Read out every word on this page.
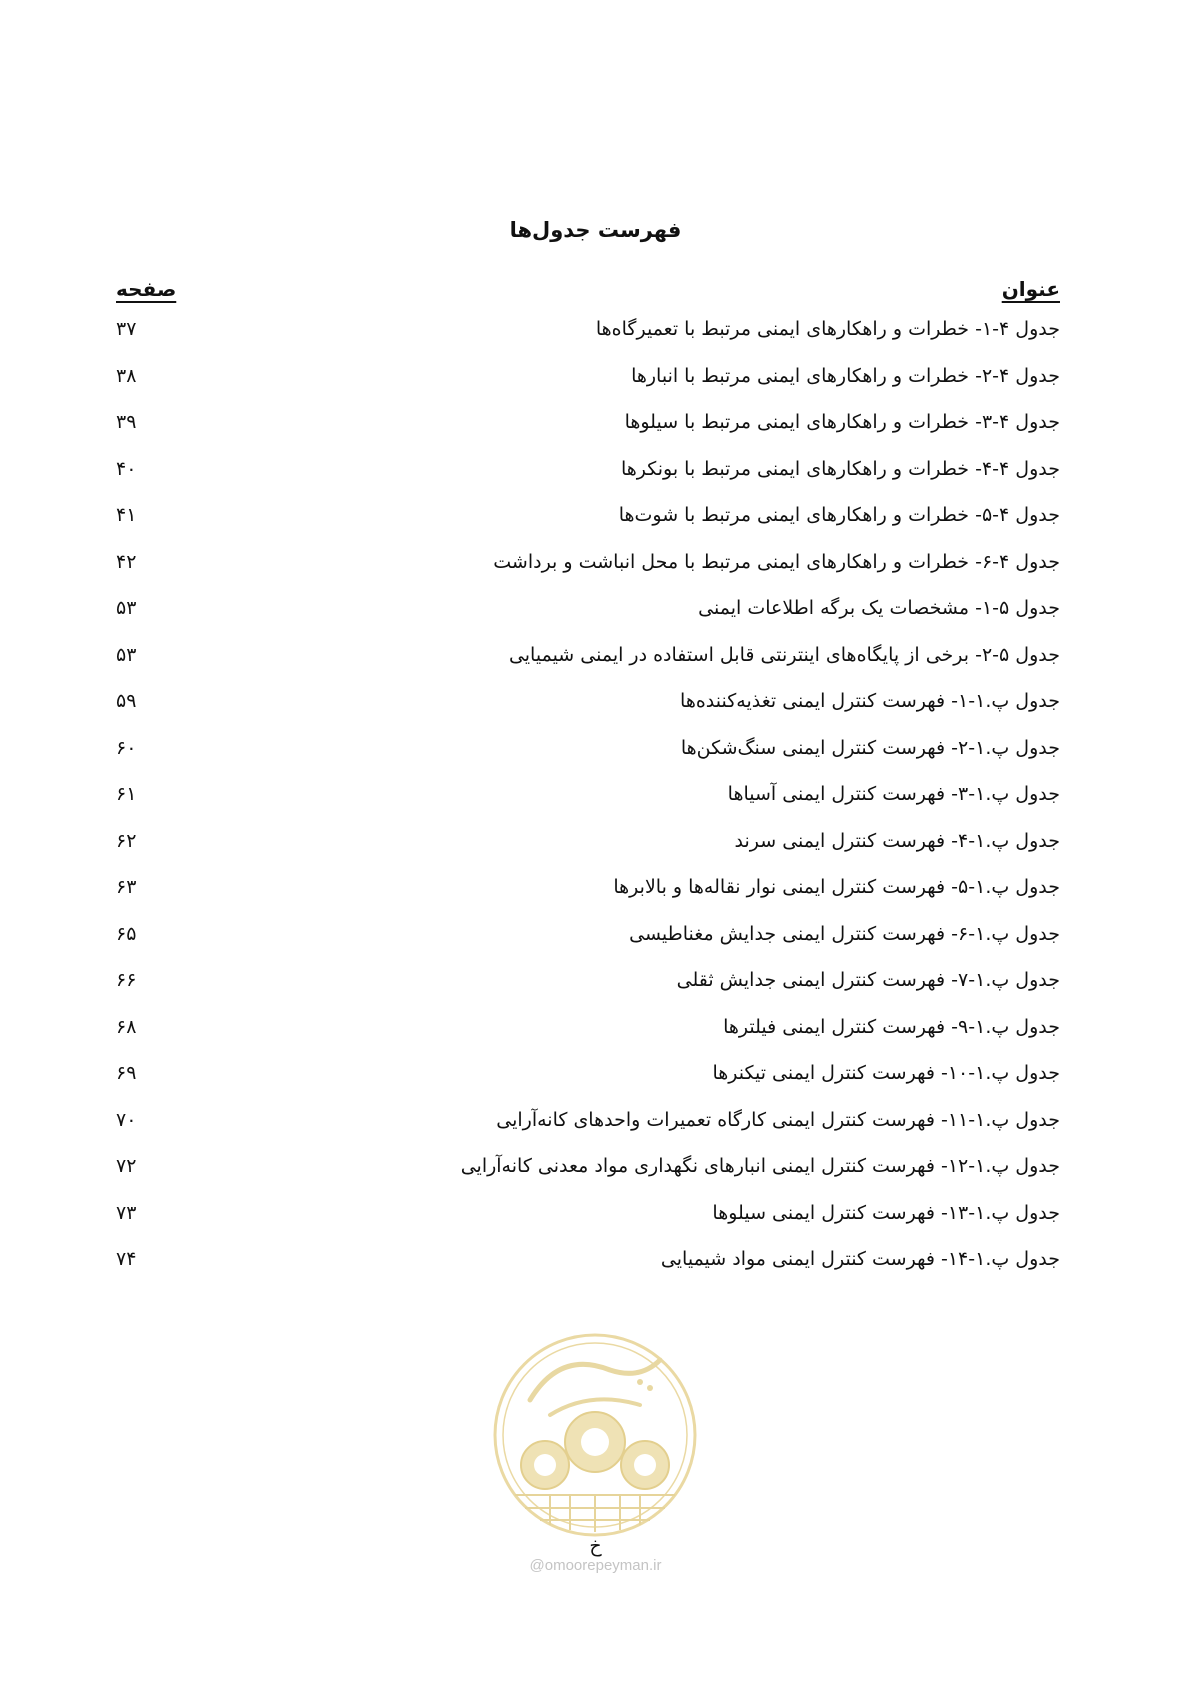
فهرست جدول‌ها
عنوان
صفحه
جدول ۴-۱- خطرات و راهکارهای ایمنی مرتبط با تعمیرگاه‌ها
۳۷
جدول ۴-۲- خطرات و راهکارهای ایمنی مرتبط با انبارها
۳۸
جدول ۴-۳- خطرات و راهکارهای ایمنی مرتبط با سیلوها
۳۹
جدول ۴-۴- خطرات و راهکارهای ایمنی مرتبط با بونکرها
۴۰
جدول ۴-۵- خطرات و راهکارهای ایمنی مرتبط با شوت‌ها
۴۱
جدول ۴-۶- خطرات و راهکارهای ایمنی مرتبط با محل انباشت و برداشت
۴۲
جدول ۵-۱- مشخصات یک برگه اطلاعات ایمنی
۵۳
جدول ۵-۲- برخی از پایگاه‌های اینترنتی قابل استفاده در ایمنی شیمیایی
۵۳
جدول پ.۱-۱- فهرست کنترل ایمنی تغذیه‌کننده‌ها
۵۹
جدول پ.۱-۲- فهرست کنترل ایمنی سنگ‌شکن‌ها
۶۰
جدول پ.۱-۳- فهرست کنترل ایمنی آسیاها
۶۱
جدول پ.۱-۴- فهرست کنترل ایمنی سرند
۶۲
جدول پ.۱-۵- فهرست کنترل ایمنی نوار نقاله‌ها و بالابرها
۶۳
جدول پ.۱-۶- فهرست کنترل ایمنی جدایش مغناطیسی
۶۵
جدول پ.۱-۷- فهرست کنترل ایمنی جدایش ثقلی
۶۶
جدول پ.۱-۹- فهرست کنترل ایمنی فیلترها
۶۸
جدول پ.۱-۱۰- فهرست کنترل ایمنی تیکنرها
۶۹
جدول پ.۱-۱۱- فهرست کنترل ایمنی کارگاه تعمیرات واحدهای کانه‌آرایی
۷۰
جدول پ.۱-۱۲- فهرست کنترل ایمنی انبارهای نگهداری مواد معدنی کانه‌آرایی
۷۲
جدول پ.۱-۱۳- فهرست کنترل ایمنی سیلوها
۷۳
جدول پ.۱-۱۴- فهرست کنترل ایمنی مواد شیمیایی
۷۴
خ
@omoorepeyman.ir
